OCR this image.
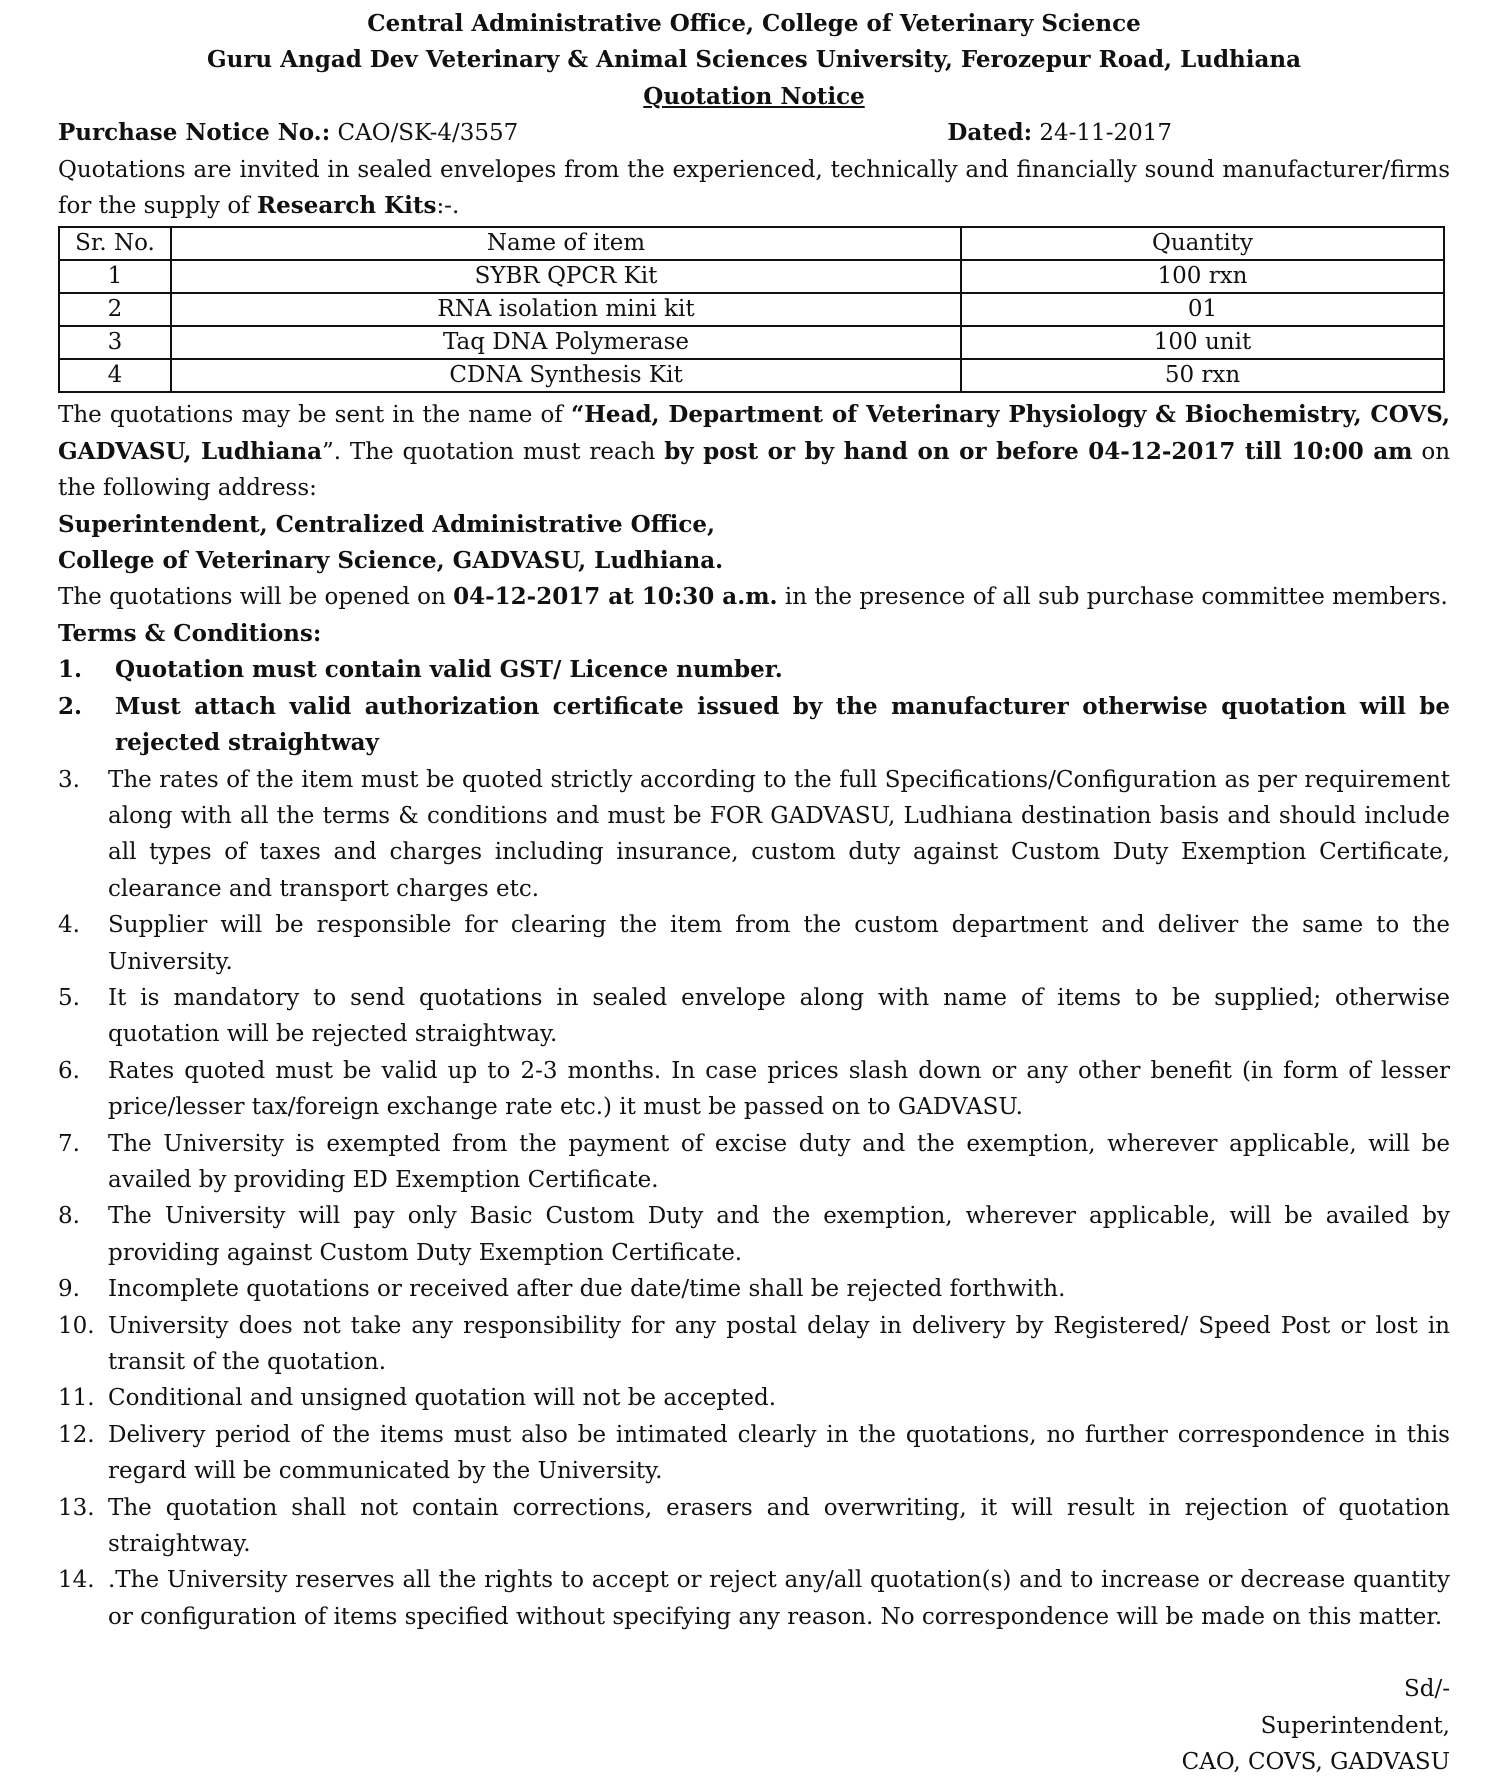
Central Administrative Office, College of Veterinary Science
Guru Angad Dev Veterinary & Animal Sciences University, Ferozepur Road, Ludhiana
Quotation Notice
Purchase Notice No.: CAO/SK-4/3557	Dated: 24-11-2017
Quotations are invited in sealed envelopes from the experienced, technically and financially sound manufacturer/firms for the supply of Research Kits:-.
Sr. No.	Name of item	Quantity
1	SYBR QPCR Kit	100 rxn
2	RNA isolation mini kit	01
3	Taq DNA Polymerase	100 unit
4	CDNA Synthesis Kit	50 rxn
The quotations may be sent in the name of “Head, Department of Veterinary Physiology & Biochemistry, COVS, GADVASU, Ludhiana”. The quotation must reach by post or by hand on or before 04-12-2017 till 10:00 am on the following address:
Superintendent, Centralized Administrative Office,
College of Veterinary Science, GADVASU, Ludhiana.
The quotations will be opened on 04-12-2017 at 10:30 a.m. in the presence of all sub purchase committee members.
Terms & Conditions:
1.	Quotation must contain valid GST/ Licence number.
2.	Must attach valid authorization certificate issued by the manufacturer otherwise quotation will be rejected straightway
3.	The rates of the item must be quoted strictly according to the full Specifications/Configuration as per requirement along with all the terms & conditions and must be FOR GADVASU, Ludhiana destination basis and should include all types of taxes and charges including insurance, custom duty against Custom Duty Exemption Certificate, clearance and transport charges etc.
4.	Supplier will be responsible for clearing the item from the custom department and deliver the same to the University.
5.	It is mandatory to send quotations in sealed envelope along with name of items to be supplied; otherwise quotation will be rejected straightway.
6.	Rates quoted must be valid up to 2-3 months. In case prices slash down or any other benefit (in form of lesser price/lesser tax/foreign exchange rate etc.) it must be passed on to GADVASU.
7.	The University is exempted from the payment of excise duty and the exemption, wherever applicable, will be availed by providing ED Exemption Certificate.
8.	The University will pay only Basic Custom Duty and the exemption, wherever applicable, will be availed by providing against Custom Duty Exemption Certificate.
9.	Incomplete quotations or received after due date/time shall be rejected forthwith.
10. University does not take any responsibility for any postal delay in delivery by Registered/ Speed Post or lost in transit of the quotation.
11. Conditional and unsigned quotation will not be accepted.
12. Delivery period of the items must also be intimated clearly in the quotations, no further correspondence in this regard will be communicated by the University.
13. The quotation shall not contain corrections, erasers and overwriting, it will result in rejection of quotation straightway.
14. .The University reserves all the rights to accept or reject any/all quotation(s) and to increase or decrease quantity or configuration of items specified without specifying any reason. No correspondence will be made on this matter.
Sd/-
Superintendent,
CAO, COVS, GADVASU
